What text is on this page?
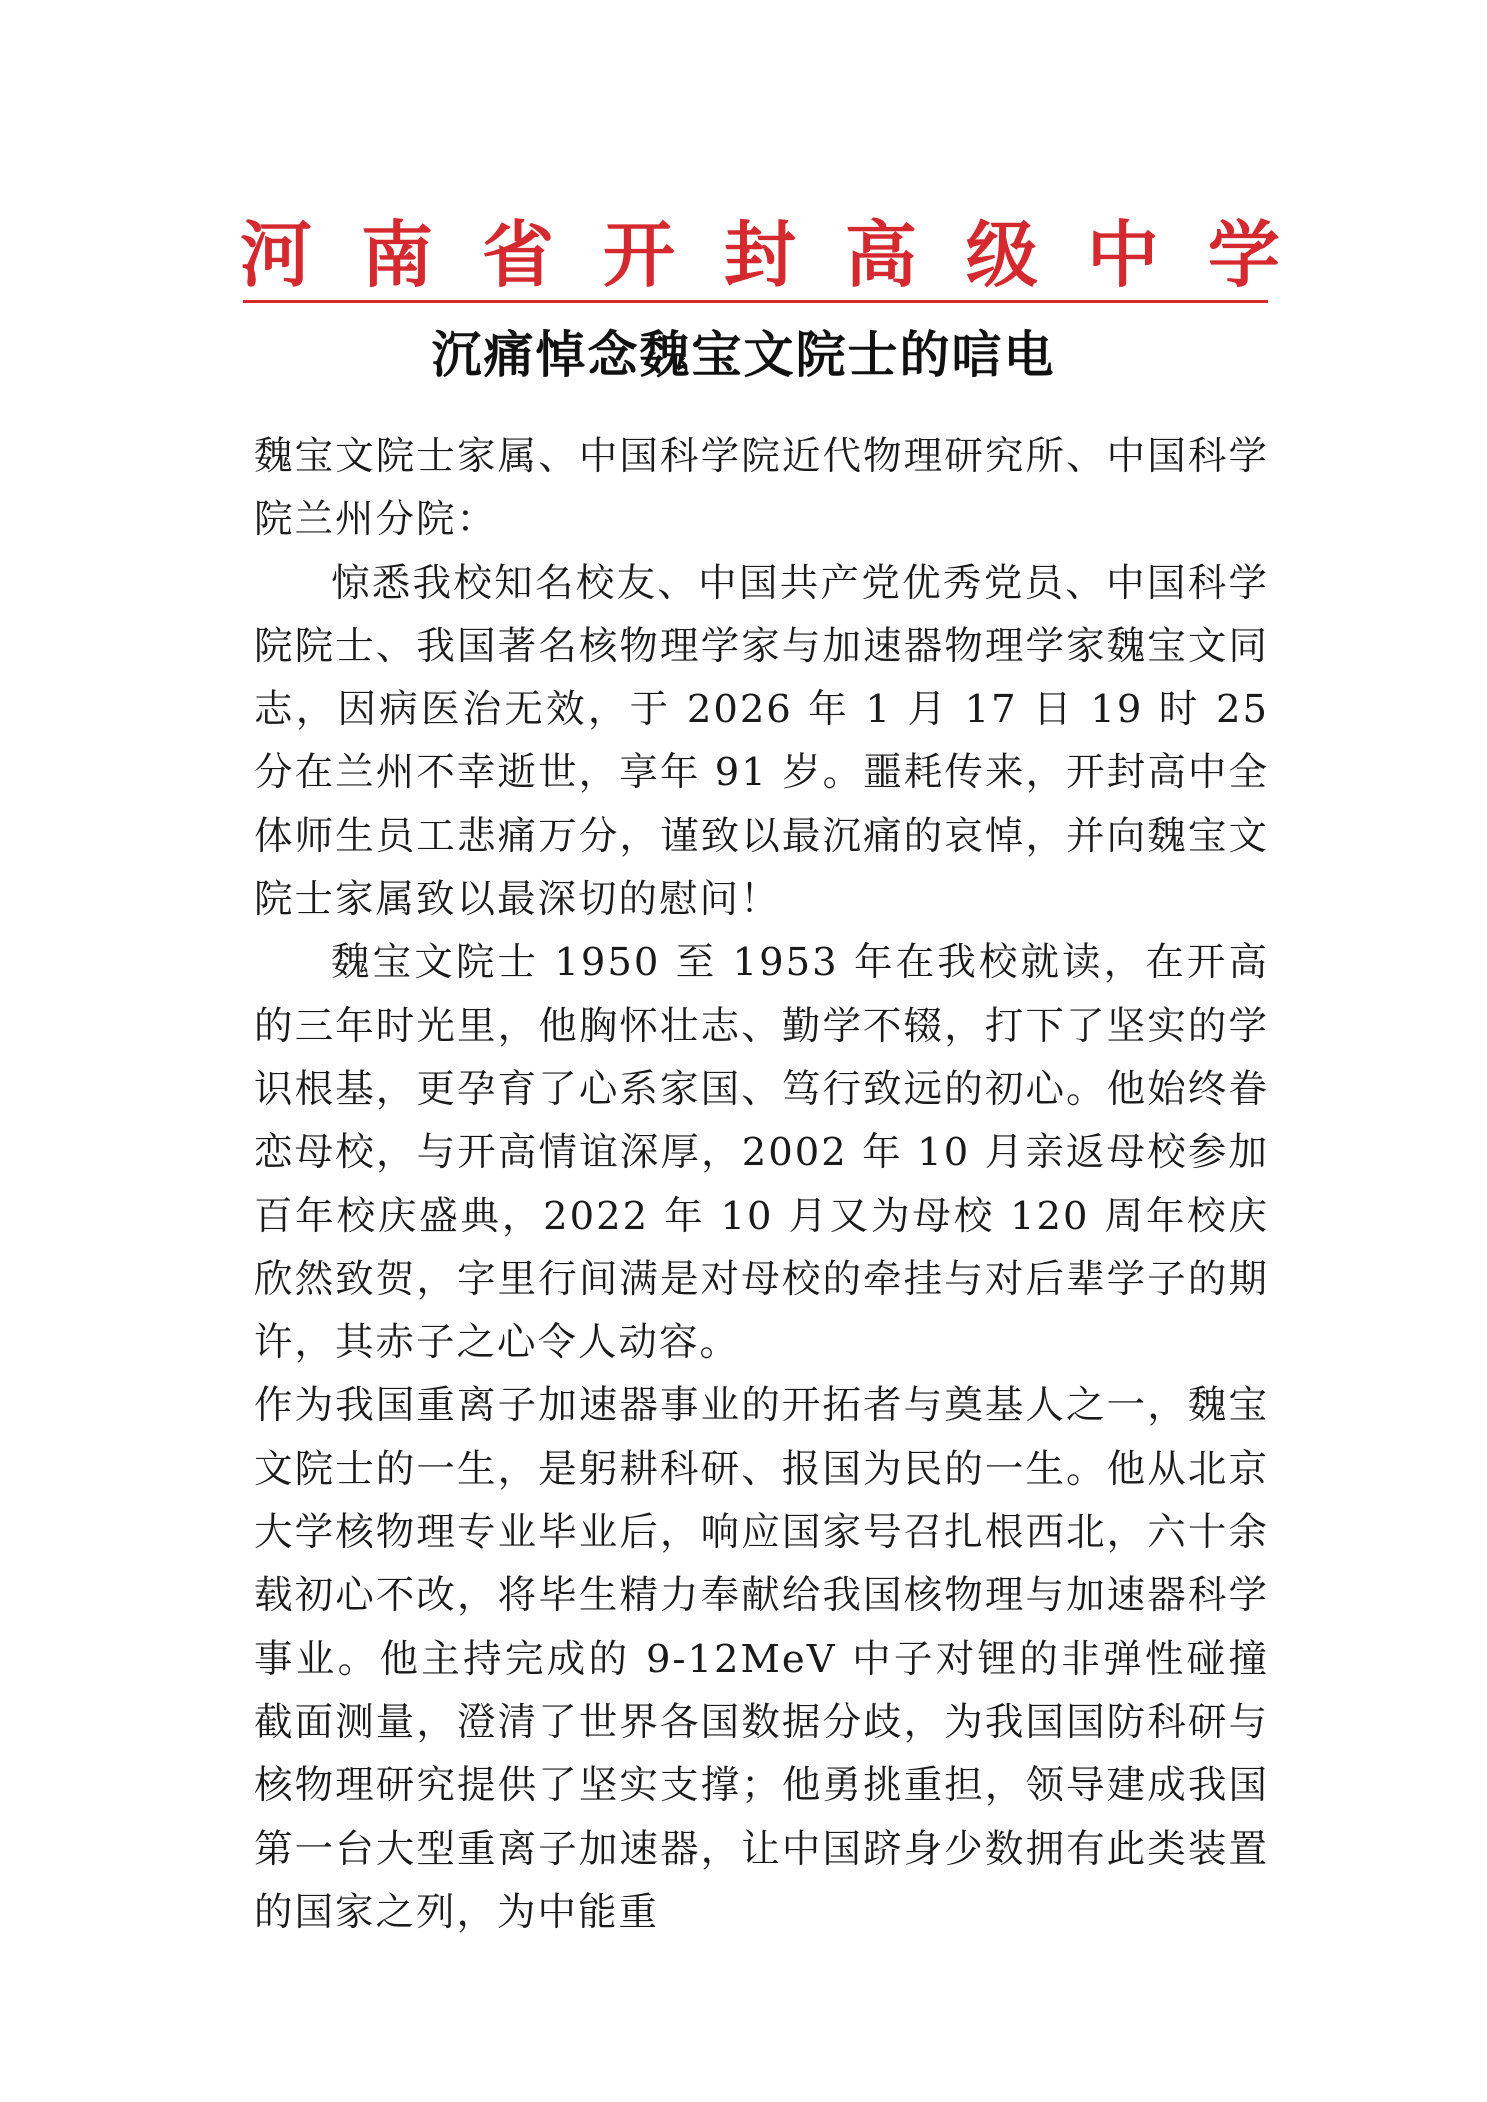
河 南 省 开 封 高 级 中 学
沉痛悼念魏宝文院士的唁电

魏宝文院士家属、中国科学院近代物理研究所、中国科学院兰州分院：

惊悉我校知名校友、中国共产党优秀党员、中国科学院院士、我国著名核物理学家与加速器物理学家魏宝文同志，因病医治无效，于 2026 年 1 月 17 日 19 时 25 分在兰州不幸逝世，享年 91 岁。噩耗传来，开封高中全体师生员工悲痛万分，谨致以最沉痛的哀悼，并向魏宝文院士家属致以最深切的慰问！

魏宝文院士 1950 至 1953 年在我校就读，在开高的三年时光里，他胸怀壮志、勤学不辍，打下了坚实的学识根基，更孕育了心系家国、笃行致远的初心。他始终眷恋母校，与开高情谊深厚，2002 年 10 月亲返母校参加百年校庆盛典，2022 年 10 月又为母校 120 周年校庆欣然致贺，字里行间满是对母校的牵挂与对后辈学子的期许，其赤子之心令人动容。

作为我国重离子加速器事业的开拓者与奠基人之一，魏宝文院士的一生，是躬耕科研、报国为民的一生。他从北京大学核物理专业毕业后，响应国家号召扎根西北，六十余载初心不改，将毕生精力奉献给我国核物理与加速器科学事业。他主持完成的 9-12MeV 中子对锂的非弹性碰撞截面测量，澄清了世界各国数据分歧，为我国国防科研与核物理研究提供了坚实支撑；他勇挑重担，领导建成我国第一台大型重离子加速器，让中国跻身少数拥有此类装置的国家之列，为中能重
